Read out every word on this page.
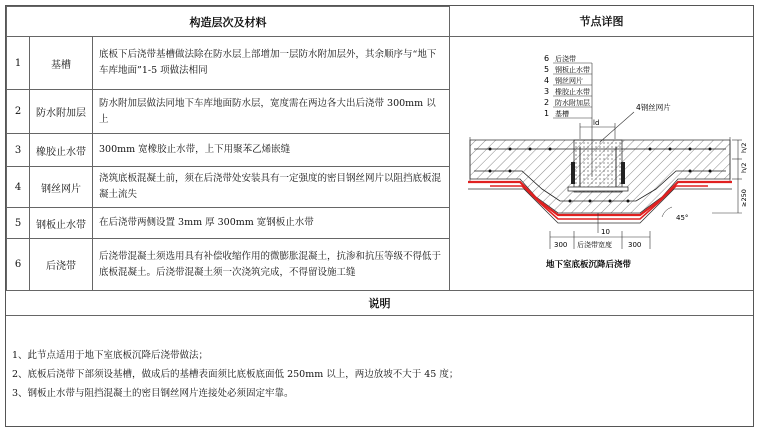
构造层次及材料		
1	基槽	底板下后浇带基槽做法除在防水层上部增加一层防水附加层外，其余顺序与“地下车库地面”1-5 项做法相同
2	防水附加层	防水附加层做法同地下车库地面防水层，宽度需在两边各大出后浇带 300mm 以上
3	橡胶止水带	300mm 宽橡胶止水带，上下用聚苯乙烯嵌缝
4	钢丝网片	浇筑底板混凝土前，须在后浇带处安装具有一定强度的密目钢丝网片以阻挡底板混凝土流失
5	钢板止水带	在后浇带两侧设置 3mm 厚 300mm 宽钢板止水带
6	后浇带	后浇带混凝土须选用具有补偿收缩作用的微膨胀混凝土，抗渗和抗压等级不得低于底板混凝土。后浇带混凝土须一次浇筑完成，不得留设施工缝
节点详图
6 后浇带
5 钢板止水带
4 钢丝网片
3 橡胶止水带
2 防水附加层
1 基槽
4钢丝网片
ld
h/2
h/2
≥250
45°
10
300 后浇带宽度 300
地下室底板沉降后浇带
说明
1、此节点适用于地下室底板沉降后浇带做法；
2、底板后浇带下部须设基槽，做成后的基槽表面须比底板底面低 250mm 以上，两边放坡不大于 45 度；
3、钢板止水带与阻挡混凝土的密目钢丝网片连接处必须固定牢靠。
